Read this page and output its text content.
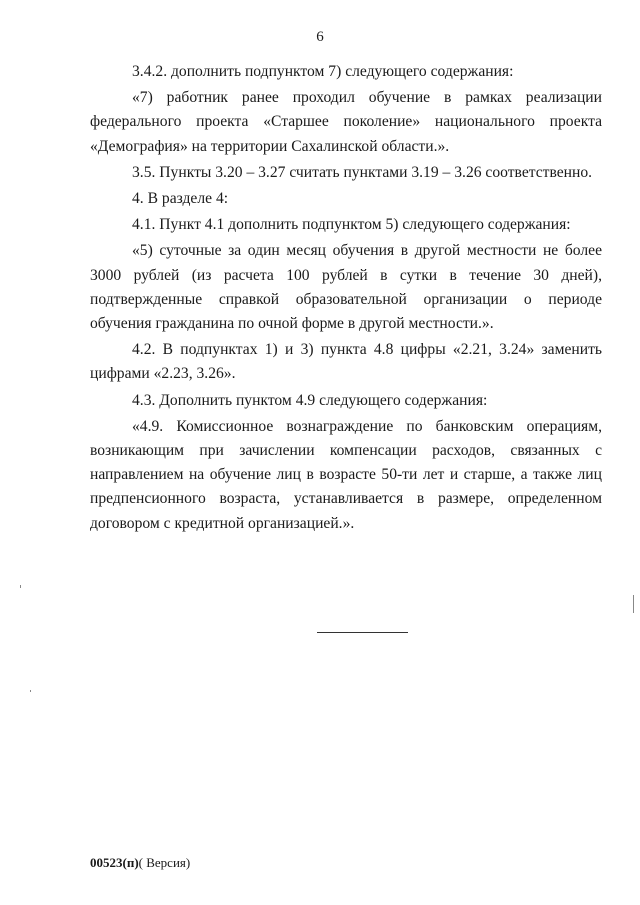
6

3.4.2. дополнить подпунктом 7) следующего содержания:

«7) работник ранее проходил обучение в рамках реализации федерального проекта «Старшее поколение» национального проекта «Демография» на территории Сахалинской области.».

3.5. Пункты 3.20 – 3.27 считать пунктами 3.19 – 3.26 соответственно.

4. В разделе 4:

4.1. Пункт 4.1 дополнить подпунктом 5) следующего содержания:

«5) суточные за один месяц обучения в другой местности не более 3000 рублей (из расчета 100 рублей в сутки в течение 30 дней), подтвержденные справкой образовательной организации о периоде обучения гражданина по очной форме в другой местности.».

4.2. В подпунктах 1) и 3) пункта 4.8 цифры «2.21, 3.24» заменить цифрами «2.23, 3.26».

4.3. Дополнить пунктом 4.9 следующего содержания:

«4.9. Комиссионное вознаграждение по банковским операциям, возникающим при зачислении компенсации расходов, связанных с направлением на обучение лиц в возрасте 50-ти лет и старше, а также лиц предпенсионного возраста, устанавливается в размере, определенном договором с кредитной организацией.».

00523(п)( Версия)
